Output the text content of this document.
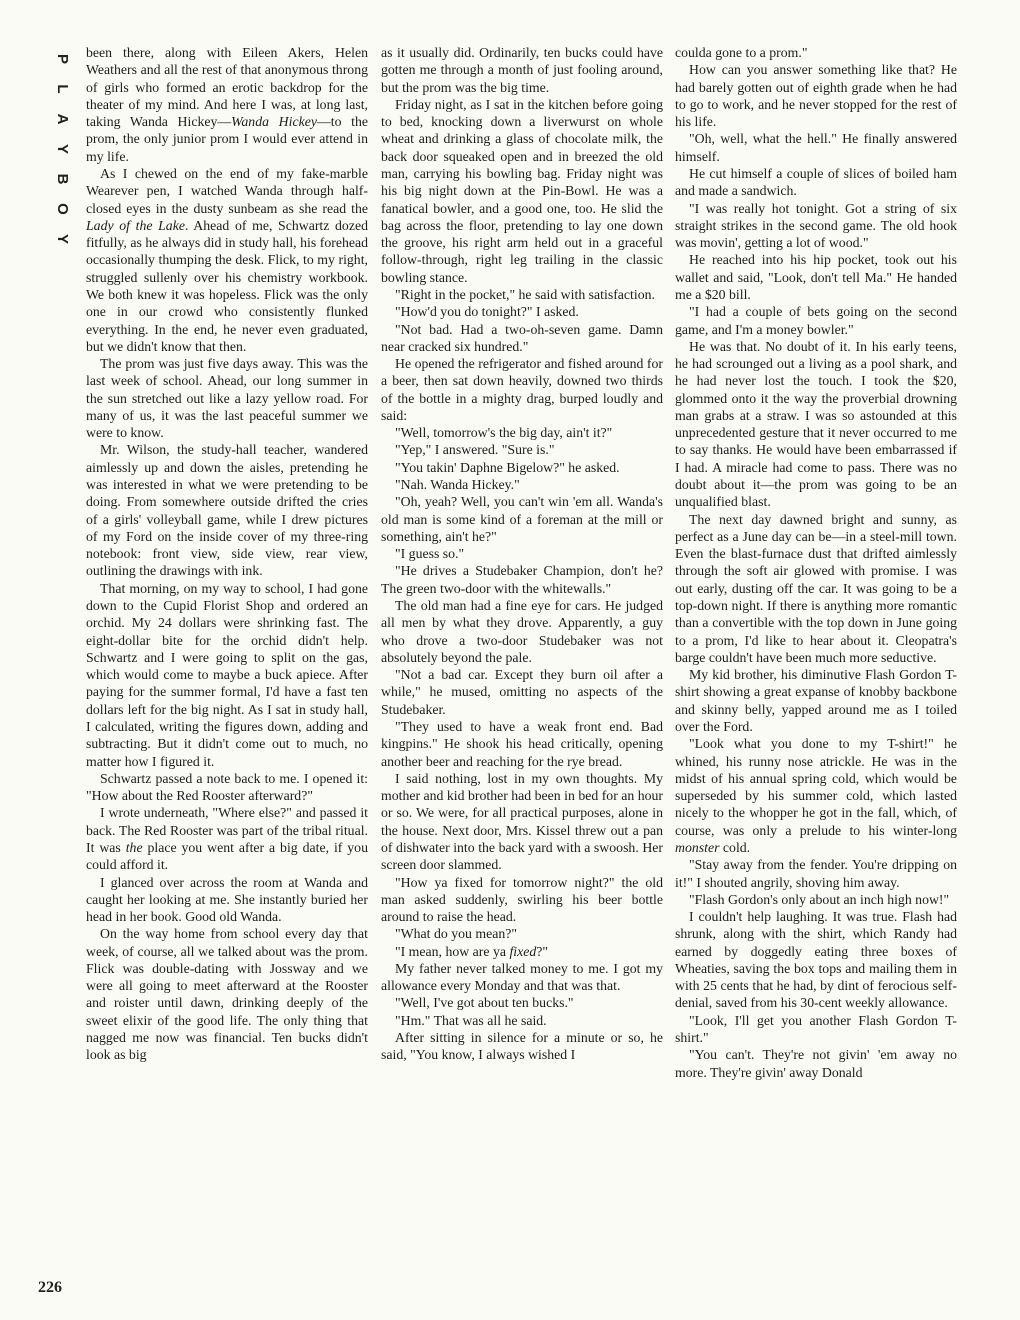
P
L
A
Y
B
O
Y

been there, along with Eileen Akers, Helen Weathers and all the rest of that anonymous throng of girls who formed an erotic backdrop for the theater of my mind. And here I was, at long last, taking Wanda Hickey—Wanda Hickey—to the prom, the only junior prom I would ever attend in my life.

As I chewed on the end of my fake-marble Wearever pen, I watched Wanda through half-closed eyes in the dusty sunbeam as she read the Lady of the Lake. Ahead of me, Schwartz dozed fitfully, as he always did in study hall, his forehead occasionally thumping the desk. Flick, to my right, struggled sullenly over his chemistry workbook. We both knew it was hopeless. Flick was the only one in our crowd who consistently flunked everything. In the end, he never even graduated, but we didn't know that then.

The prom was just five days away. This was the last week of school. Ahead, our long summer in the sun stretched out like a lazy yellow road. For many of us, it was the last peaceful summer we were to know.

Mr. Wilson, the study-hall teacher, wandered aimlessly up and down the aisles, pretending he was interested in what we were pretending to be doing. From somewhere outside drifted the cries of a girls' volleyball game, while I drew pictures of my Ford on the inside cover of my three-ring notebook: front view, side view, rear view, outlining the drawings with ink.

That morning, on my way to school, I had gone down to the Cupid Florist Shop and ordered an orchid. My 24 dollars were shrinking fast. The eight-dollar bite for the orchid didn't help. Schwartz and I were going to split on the gas, which would come to maybe a buck apiece. After paying for the summer formal, I'd have a fast ten dollars left for the big night. As I sat in study hall, I calculated, writing the figures down, adding and subtracting. But it didn't come out to much, no matter how I figured it.

Schwartz passed a note back to me. I opened it: "How about the Red Rooster afterward?"

I wrote underneath, "Where else?" and passed it back. The Red Rooster was part of the tribal ritual. It was the place you went after a big date, if you could afford it.

I glanced over across the room at Wanda and caught her looking at me. She instantly buried her head in her book. Good old Wanda.

On the way home from school every day that week, of course, all we talked about was the prom. Flick was double-dating with Jossway and we were all going to meet afterward at the Rooster and roister until dawn, drinking deeply of the sweet elixir of the good life. The only thing that nagged me now was financial. Ten bucks didn't look as big

as it usually did. Ordinarily, ten bucks could have gotten me through a month of just fooling around, but the prom was the big time.

Friday night, as I sat in the kitchen before going to bed, knocking down a liverwurst on whole wheat and drinking a glass of chocolate milk, the back door squeaked open and in breezed the old man, carrying his bowling bag. Friday night was his big night down at the Pin-Bowl. He was a fanatical bowler, and a good one, too. He slid the bag across the floor, pretending to lay one down the groove, his right arm held out in a graceful follow-through, right leg trailing in the classic bowling stance.

"Right in the pocket," he said with satisfaction.

"How'd you do tonight?" I asked.

"Not bad. Had a two-oh-seven game. Damn near cracked six hundred."

He opened the refrigerator and fished around for a beer, then sat down heavily, downed two thirds of the bottle in a mighty drag, burped loudly and said:

"Well, tomorrow's the big day, ain't it?"

"Yep," I answered. "Sure is."

"You takin' Daphne Bigelow?" he asked.

"Nah. Wanda Hickey."

"Oh, yeah? Well, you can't win 'em all. Wanda's old man is some kind of a foreman at the mill or something, ain't he?"

"I guess so."

"He drives a Studebaker Champion, don't he? The green two-door with the whitewalls."

The old man had a fine eye for cars. He judged all men by what they drove. Apparently, a guy who drove a two-door Studebaker was not absolutely beyond the pale.

"Not a bad car. Except they burn oil after a while," he mused, omitting no aspects of the Studebaker.

"They used to have a weak front end. Bad kingpins." He shook his head critically, opening another beer and reaching for the rye bread.

I said nothing, lost in my own thoughts. My mother and kid brother had been in bed for an hour or so. We were, for all practical purposes, alone in the house. Next door, Mrs. Kissel threw out a pan of dishwater into the back yard with a swoosh. Her screen door slammed.

"How ya fixed for tomorrow night?" the old man asked suddenly, swirling his beer bottle around to raise the head.

"What do you mean?"

"I mean, how are ya fixed?"

My father never talked money to me. I got my allowance every Monday and that was that.

"Well, I've got about ten bucks."

"Hm." That was all he said.

After sitting in silence for a minute or so, he said, "You know, I always wished I

coulda gone to a prom."

How can you answer something like that? He had barely gotten out of eighth grade when he had to go to work, and he never stopped for the rest of his life.

"Oh, well, what the hell." He finally answered himself.

He cut himself a couple of slices of boiled ham and made a sandwich.

"I was really hot tonight. Got a string of six straight strikes in the second game. The old hook was movin', getting a lot of wood."

He reached into his hip pocket, took out his wallet and said, "Look, don't tell Ma." He handed me a $20 bill.

"I had a couple of bets going on the second game, and I'm a money bowler."

He was that. No doubt of it. In his early teens, he had scrounged out a living as a pool shark, and he had never lost the touch. I took the $20, glommed onto it the way the proverbial drowning man grabs at a straw. I was so astounded at this unprecedented gesture that it never occurred to me to say thanks. He would have been embarrassed if I had. A miracle had come to pass. There was no doubt about it—the prom was going to be an unqualified blast.

The next day dawned bright and sunny, as perfect as a June day can be—in a steel-mill town. Even the blast-furnace dust that drifted aimlessly through the soft air glowed with promise. I was out early, dusting off the car. It was going to be a top-down night. If there is anything more romantic than a convertible with the top down in June going to a prom, I'd like to hear about it. Cleopatra's barge couldn't have been much more seductive.

My kid brother, his diminutive Flash Gordon T-shirt showing a great expanse of knobby backbone and skinny belly, yapped around me as I toiled over the Ford.

"Look what you done to my T-shirt!" he whined, his runny nose atrickle. He was in the midst of his annual spring cold, which would be superseded by his summer cold, which lasted nicely to the whopper he got in the fall, which, of course, was only a prelude to his winter-long monster cold.

"Stay away from the fender. You're dripping on it!" I shouted angrily, shoving him away.

"Flash Gordon's only about an inch high now!"

I couldn't help laughing. It was true. Flash had shrunk, along with the shirt, which Randy had earned by doggedly eating three boxes of Wheaties, saving the box tops and mailing them in with 25 cents that he had, by dint of ferocious self-denial, saved from his 30-cent weekly allowance.

"Look, I'll get you another Flash Gordon T-shirt."

"You can't. They're not givin' 'em away no more. They're givin' away Donald

226
